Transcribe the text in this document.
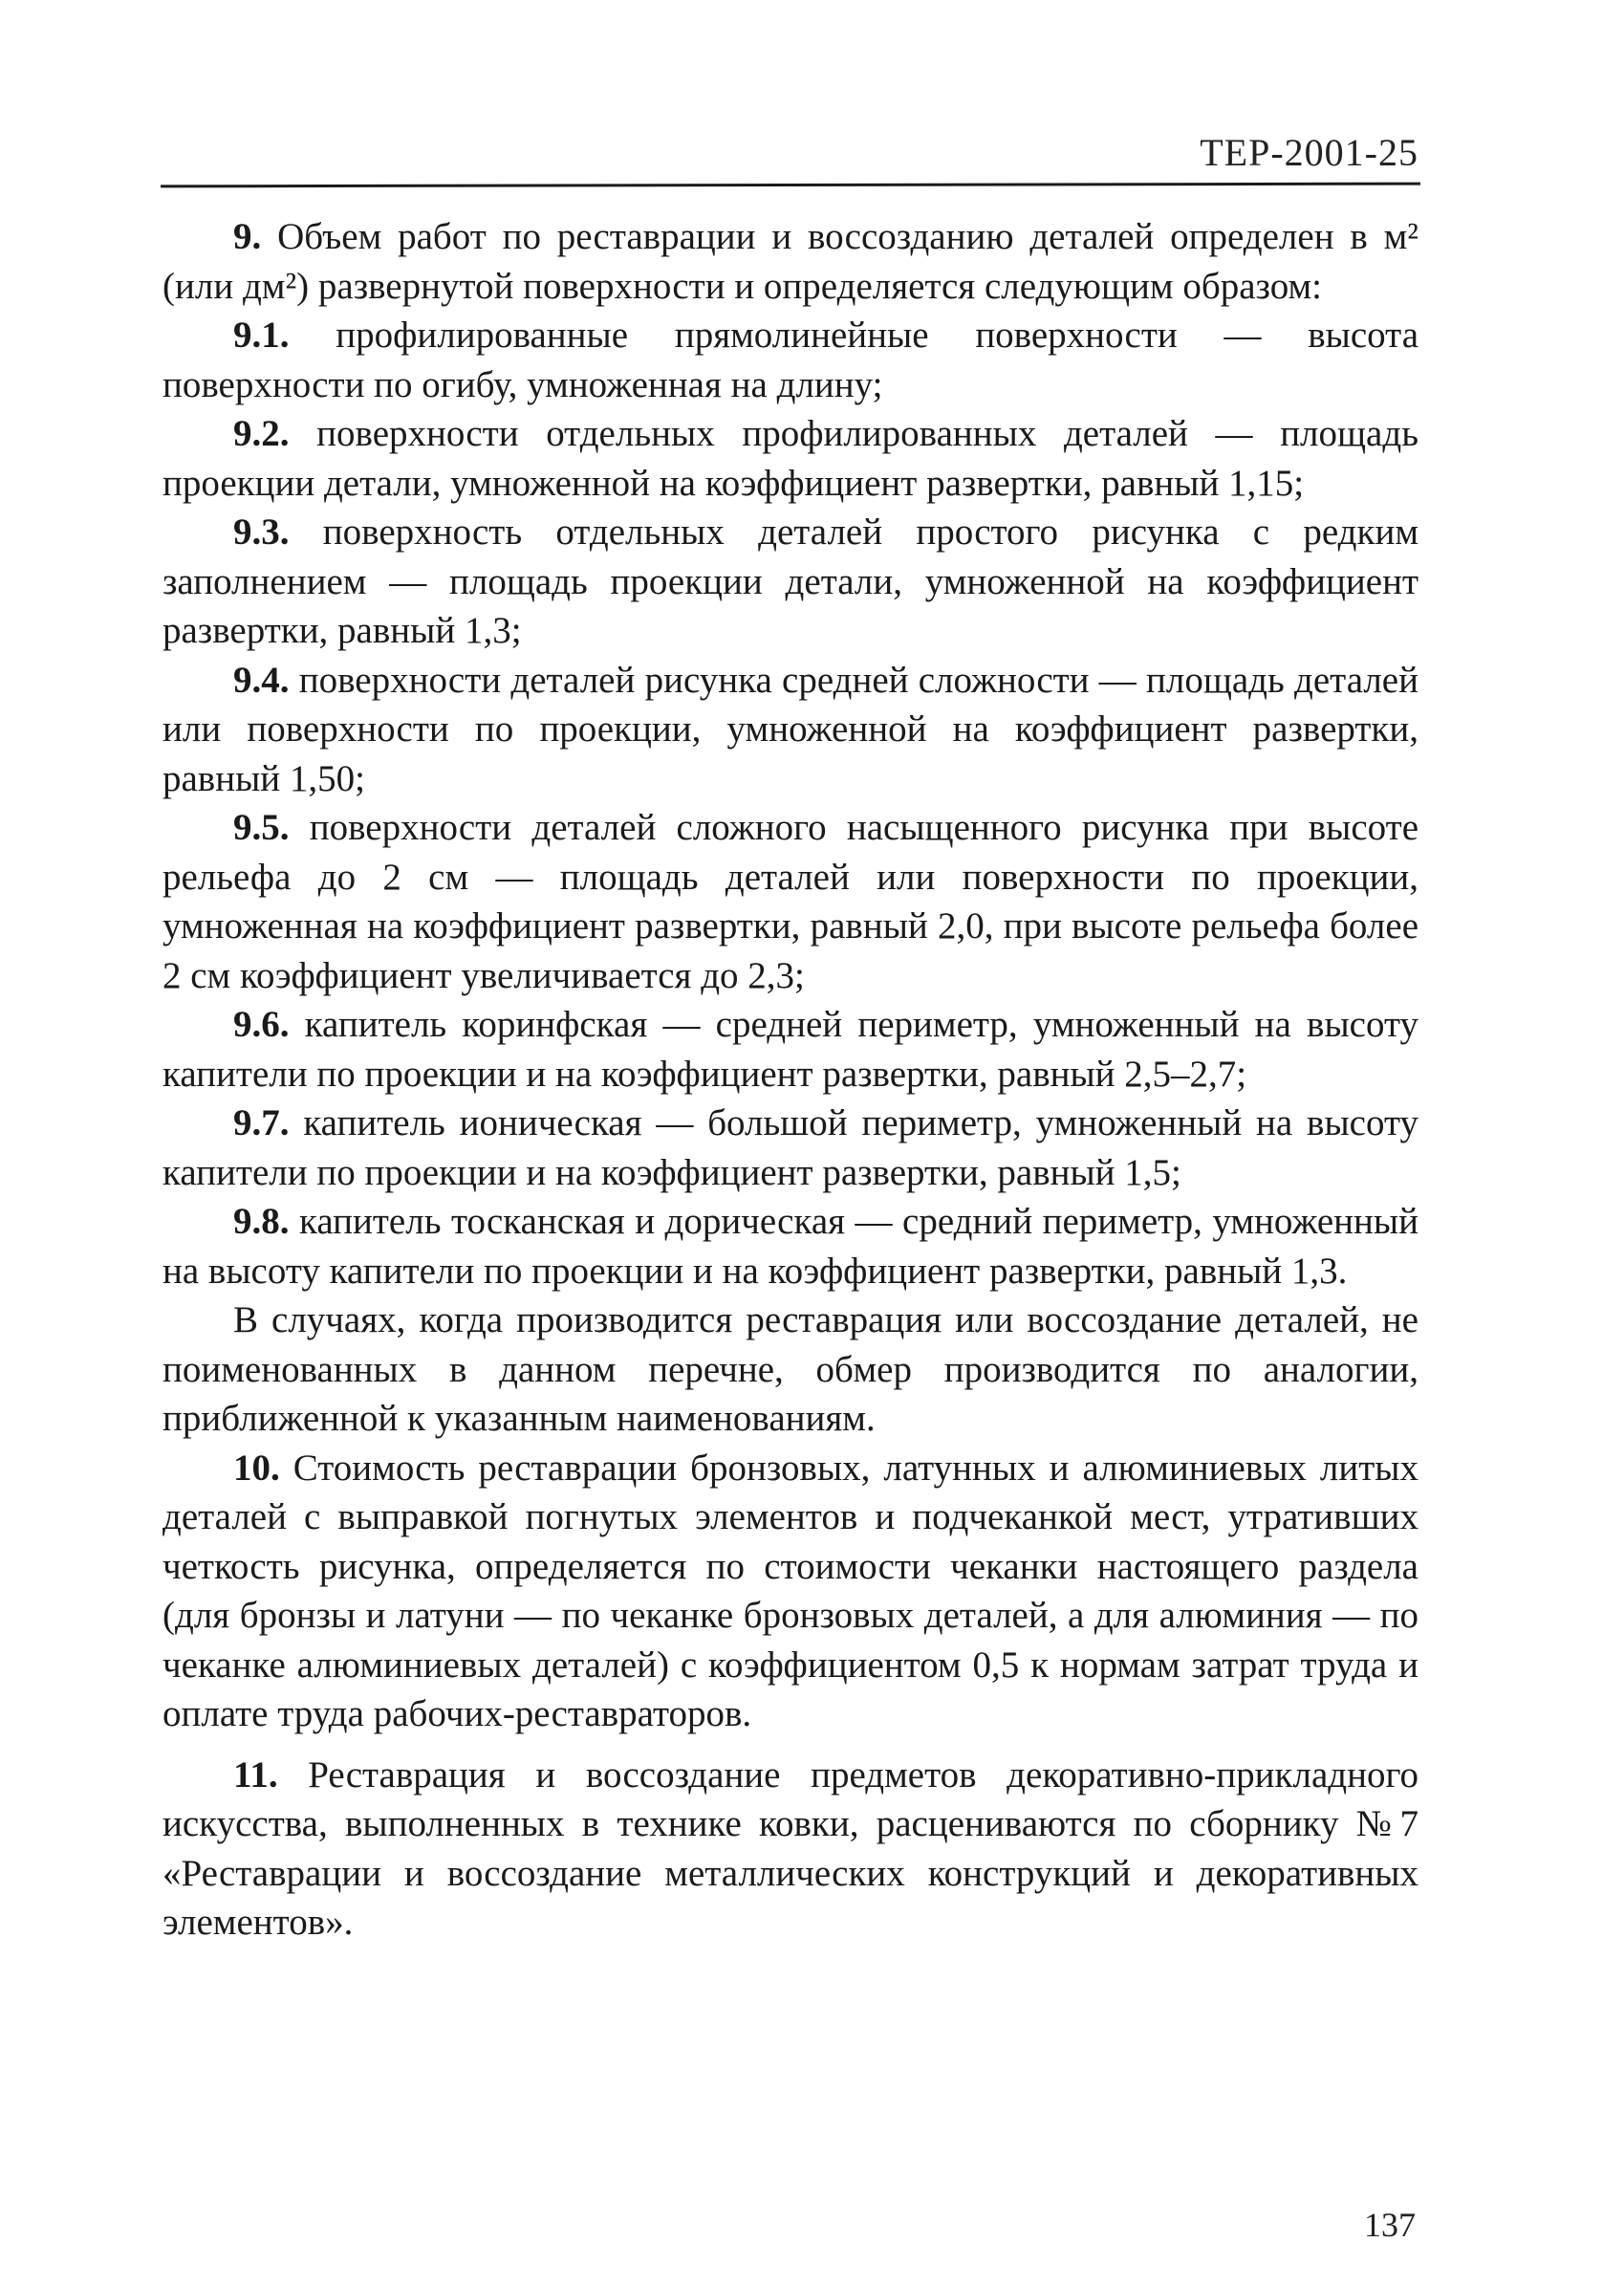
ТЕР-2001-25

9. Объем работ по реставрации и воссозданию деталей определен в м² (или дм²) развернутой поверхности и определяется следующим образом:

9.1. профилированные прямолинейные поверхности — высота поверхности по огибу, умноженная на длину;

9.2. поверхности отдельных профилированных деталей — площадь проекции детали, умноженной на коэффициент развертки, равный 1,15;

9.3. поверхность отдельных деталей простого рисунка с редким заполнением — площадь проекции детали, умноженной на коэффициент развертки, равный 1,3;

9.4. поверхности деталей рисунка средней сложности — площадь деталей или поверхности по проекции, умноженной на коэффициент развертки, равный 1,50;

9.5. поверхности деталей сложного насыщенного рисунка при высоте рельефа до 2 см — площадь деталей или поверхности по проекции, умноженная на коэффициент развертки, равный 2,0, при высоте рельефа более 2 см коэффициент увеличивается до 2,3;

9.6. капитель коринфская — средней периметр, умноженный на высоту капители по проекции и на коэффициент развертки, равный 2,5–2,7;

9.7. капитель ионическая — большой периметр, умноженный на высоту капители по проекции и на коэффициент развертки, равный 1,5;

9.8. капитель тосканская и дорическая — средний периметр, умноженный на высоту капители по проекции и на коэффициент развертки, равный 1,3.

В случаях, когда производится реставрация или воссоздание деталей, не поименованных в данном перечне, обмер производится по аналогии, приближенной к указанным наименованиям.

10. Стоимость реставрации бронзовых, латунных и алюминиевых литых деталей с выправкой погнутых элементов и подчеканкой мест, утративших четкость рисунка, определяется по стоимости чеканки настоящего раздела (для бронзы и латуни — по чеканке бронзовых деталей, а для алюминия — по чеканке алюминиевых деталей) с коэффициентом 0,5 к нормам затрат труда и оплате труда рабочих-реставраторов.

11. Реставрация и воссоздание предметов декоративно-прикладного искусства, выполненных в технике ковки, расцениваются по сборнику №7 «Реставрации и воссоздание металлических конструкций и декоративных элементов».

137
